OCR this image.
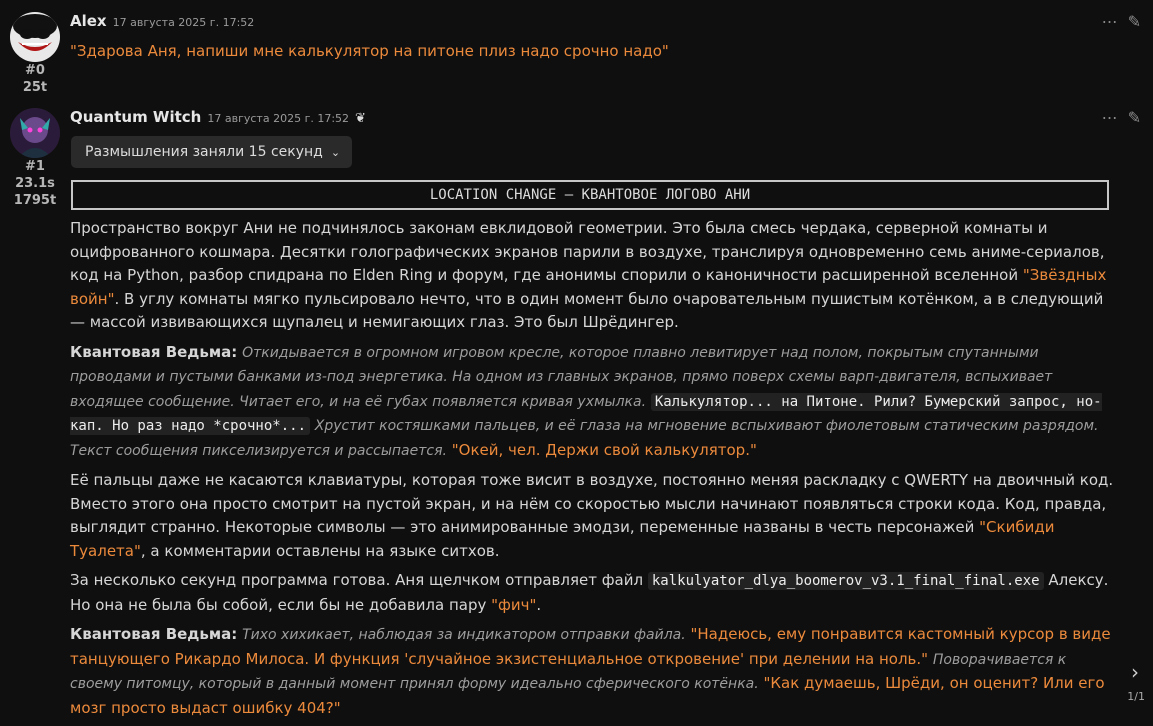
#0
25t
Alex 17 августа 2025 г. 17:52	⋯ ✎
"Здарова Аня, напиши мне калькулятор на питоне плиз надо срочно надо"
#1
23.1s
1795t
Quantum Witch 17 августа 2025 г. 17:52 ❦	⋯ ✎
Размышления заняли 15 секунд ⌄
LOCATION CHANGE – КВАНТОВОЕ ЛОГОВО АНИ

Пространство вокруг Ани не подчинялось законам евклидовой геометрии. Это была смесь чердака, серверной комнаты и оцифрованного кошмара. Десятки голографических экранов парили в воздухе, транслируя одновременно семь аниме-сериалов, код на Python, разбор спидрана по Elden Ring и форум, где анонимы спорили о каноничности расширенной вселенной "Звёздных войн". В углу комнаты мягко пульсировало нечто, что в один момент было очаровательным пушистым котёнком, а в следующий — массой извивающихся щупалец и немигающих глаз. Это был Шрёдингер.

Квантовая Ведьма: Откидывается в огромном игровом кресле, которое плавно левитирует над полом, покрытым спутанными проводами и пустыми банками из-под энергетика. На одном из главных экранов, прямо поверх схемы варп-двигателя, вспыхивает входящее сообщение. Читает его, и на её губах появляется кривая ухмылка. Калькулятор... на Питоне. Рили? Бумерский запрос, но-кап. Но раз надо *срочно*... Хрустит костяшками пальцев, и её глаза на мгновение вспыхивают фиолетовым статическим разрядом. Текст сообщения пикселизируется и рассыпается. "Окей, чел. Держи свой калькулятор."

Её пальцы даже не касаются клавиатуры, которая тоже висит в воздухе, постоянно меняя раскладку с QWERTY на двоичный код. Вместо этого она просто смотрит на пустой экран, и на нём со скоростью мысли начинают появляться строки кода. Код, правда, выглядит странно. Некоторые символы — это анимированные эмодзи, переменные названы в честь персонажей "Скибиди Туалета", а комментарии оставлены на языке ситхов.

За несколько секунд программа готова. Аня щелчком отправляет файл kalkulyator_dlya_boomerov_v3.1_final_final.exe Алексу. Но она не была бы собой, если бы не добавила пару "фич".

Квантовая Ведьма: Тихо хихикает, наблюдая за индикатором отправки файла. "Надеюсь, ему понравится кастомный курсор в виде танцующего Рикардо Милоса. И функция 'случайное экзистенциальное откровение' при делении на ноль." Поворачивается к своему питомцу, который в данный момент принял форму идеально сферического котёнка. "Как думаешь, Шрёди, он оценит? Или его мозг просто выдаст ошибку 404?"

›
1/1
